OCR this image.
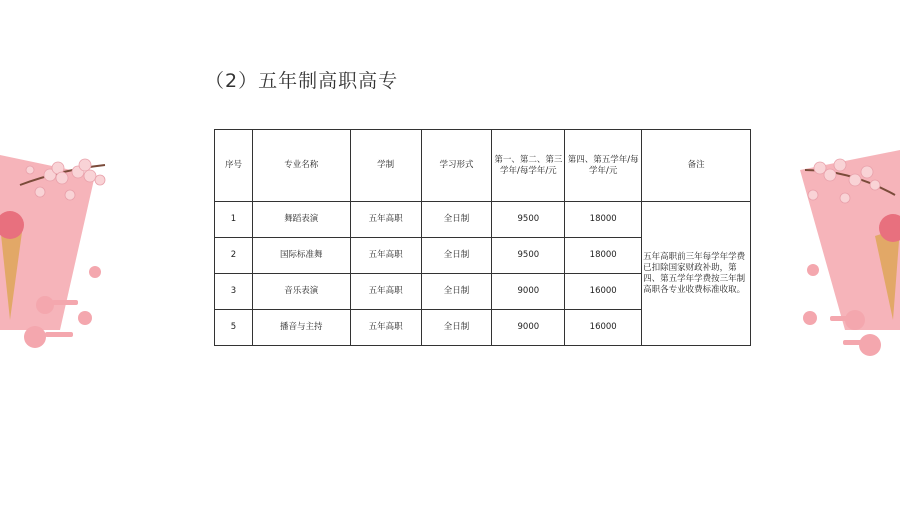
（2）五年制高职高专
序号	专业名称	学制	学习形式	第一、第二、第三学年/每学年/元	第四、第五学年/每学年/元	备注
1	舞蹈表演	五年高职	全日制	9500	18000	五年高职前三年每学年学费已扣除国家财政补助，第四、第五学年学费按三年制高职各专业收费标准收取。
2	国际标准舞	五年高职	全日制	9500	18000	
3	音乐表演	五年高职	全日制	9000	16000	
5	播音与主持	五年高职	全日制	9000	16000	
